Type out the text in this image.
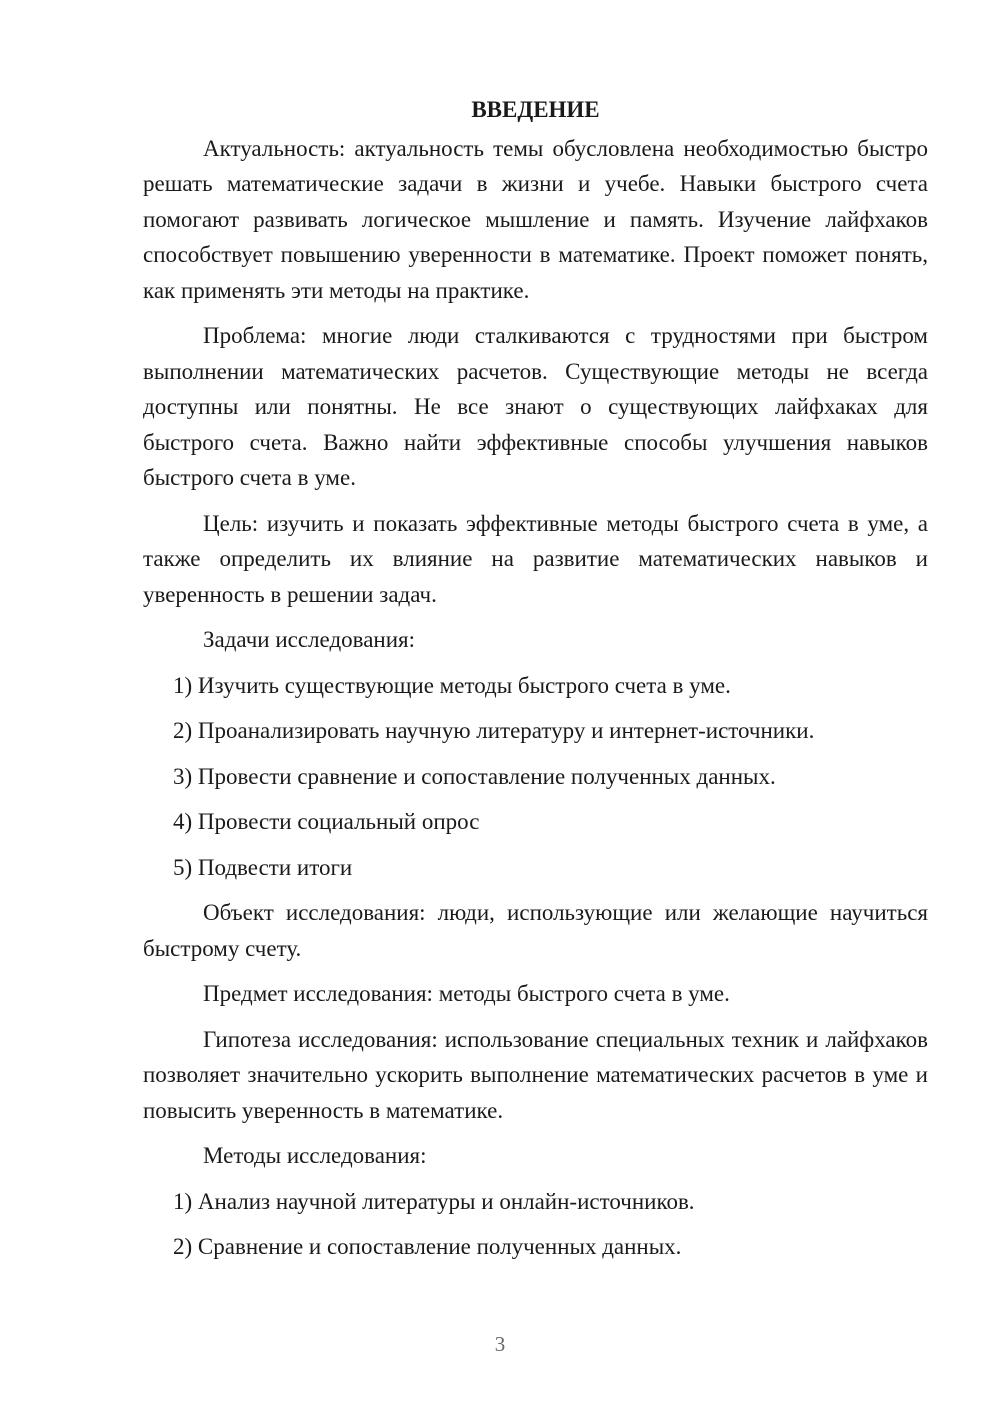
ВВЕДЕНИЕ

Актуальность: актуальность темы обусловлена необходимостью быстро решать математические задачи в жизни и учебе. Навыки быстрого счета помогают развивать логическое мышление и память. Изучение лайфхаков способствует повышению уверенности в математике. Проект поможет понять, как применять эти методы на практике.

Проблема: многие люди сталкиваются с трудностями при быстром выполнении математических расчетов. Существующие методы не всегда доступны или понятны. Не все знают о существующих лайфхаках для быстрого счета. Важно найти эффективные способы улучшения навыков быстрого счета в уме.

Цель: изучить и показать эффективные методы быстрого счета в уме, а также определить их влияние на развитие математических навыков и уверенность в решении задач.

Задачи исследования:

1) Изучить существующие методы быстрого счета в уме.
2) Проанализировать научную литературу и интернет-источники.
3) Провести сравнение и сопоставление полученных данных.
4) Провести социальный опрос
5) Подвести итоги

Объект исследования: люди, использующие или желающие научиться быстрому счету.

Предмет исследования: методы быстрого счета в уме.

Гипотеза исследования: использование специальных техник и лайфхаков позволяет значительно ускорить выполнение математических расчетов в уме и повысить уверенность в математике.

Методы исследования:

1) Анализ научной литературы и онлайн-источников.
2) Сравнение и сопоставление полученных данных.
3
